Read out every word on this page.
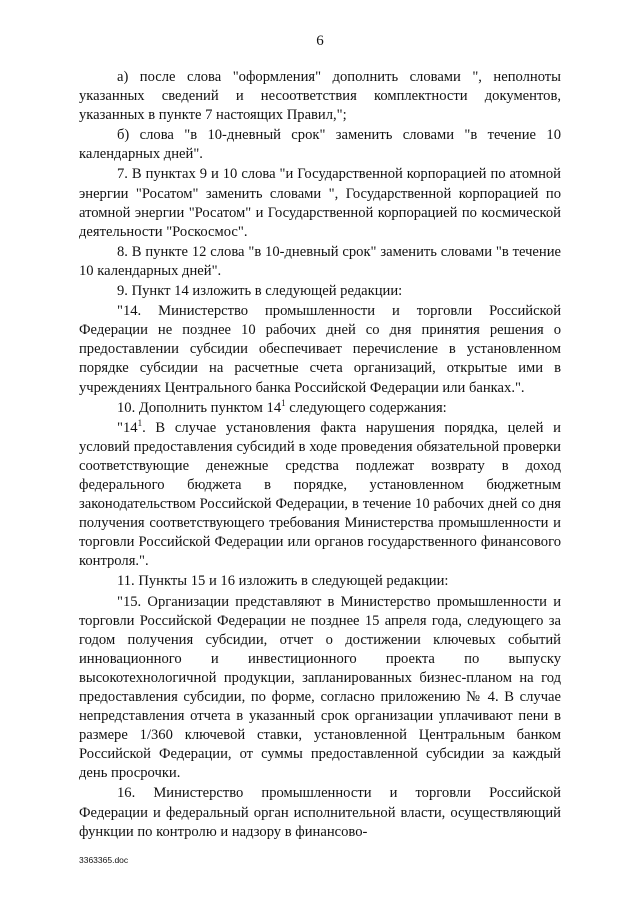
6

а) после слова "оформления" дополнить словами ", неполноты указанных сведений и несоответствия комплектности документов, указанных в пункте 7 настоящих Правил,";

б) слова "в 10-дневный срок" заменить словами "в течение 10 календарных дней".

7. В пунктах 9 и 10 слова "и Государственной корпорацией по атомной энергии "Росатом" заменить словами ", Государственной корпорацией по атомной энергии "Росатом" и Государственной корпорацией по космической деятельности "Роскосмос".

8. В пункте 12 слова "в 10-дневный срок" заменить словами "в течение 10 календарных дней".

9. Пункт 14 изложить в следующей редакции:

"14. Министерство промышленности и торговли Российской Федерации не позднее 10 рабочих дней со дня принятия решения о предоставлении субсидии обеспечивает перечисление в установленном порядке субсидии на расчетные счета организаций, открытые ими в учреждениях Центрального банка Российской Федерации или банках.".

10. Дополнить пунктом $14^1$ следующего содержания:

"$14^1$. В случае установления факта нарушения порядка, целей и условий предоставления субсидий в ходе проведения обязательной проверки соответствующие денежные средства подлежат возврату в доход федерального бюджета в порядке, установленном бюджетным законодательством Российской Федерации, в течение 10 рабочих дней со дня получения соответствующего требования Министерства промышленности и торговли Российской Федерации или органов государственного финансового контроля.".

11. Пункты 15 и 16 изложить в следующей редакции:

"15. Организации представляют в Министерство промышленности и торговли Российской Федерации не позднее 15 апреля года, следующего за годом получения субсидии, отчет о достижении ключевых событий инновационного и инвестиционного проекта по выпуску высокотехнологичной продукции, запланированных бизнес-планом на год предоставления субсидии, по форме, согласно приложению № 4. В случае непредставления отчета в указанный срок организации уплачивают пени в размере 1/360 ключевой ставки, установленной Центральным банком Российской Федерации, от суммы предоставленной субсидии за каждый день просрочки.

16. Министерство промышленности и торговли Российской Федерации и федеральный орган исполнительной власти, осуществляющий функции по контролю и надзору в финансово-

3363365.doc
